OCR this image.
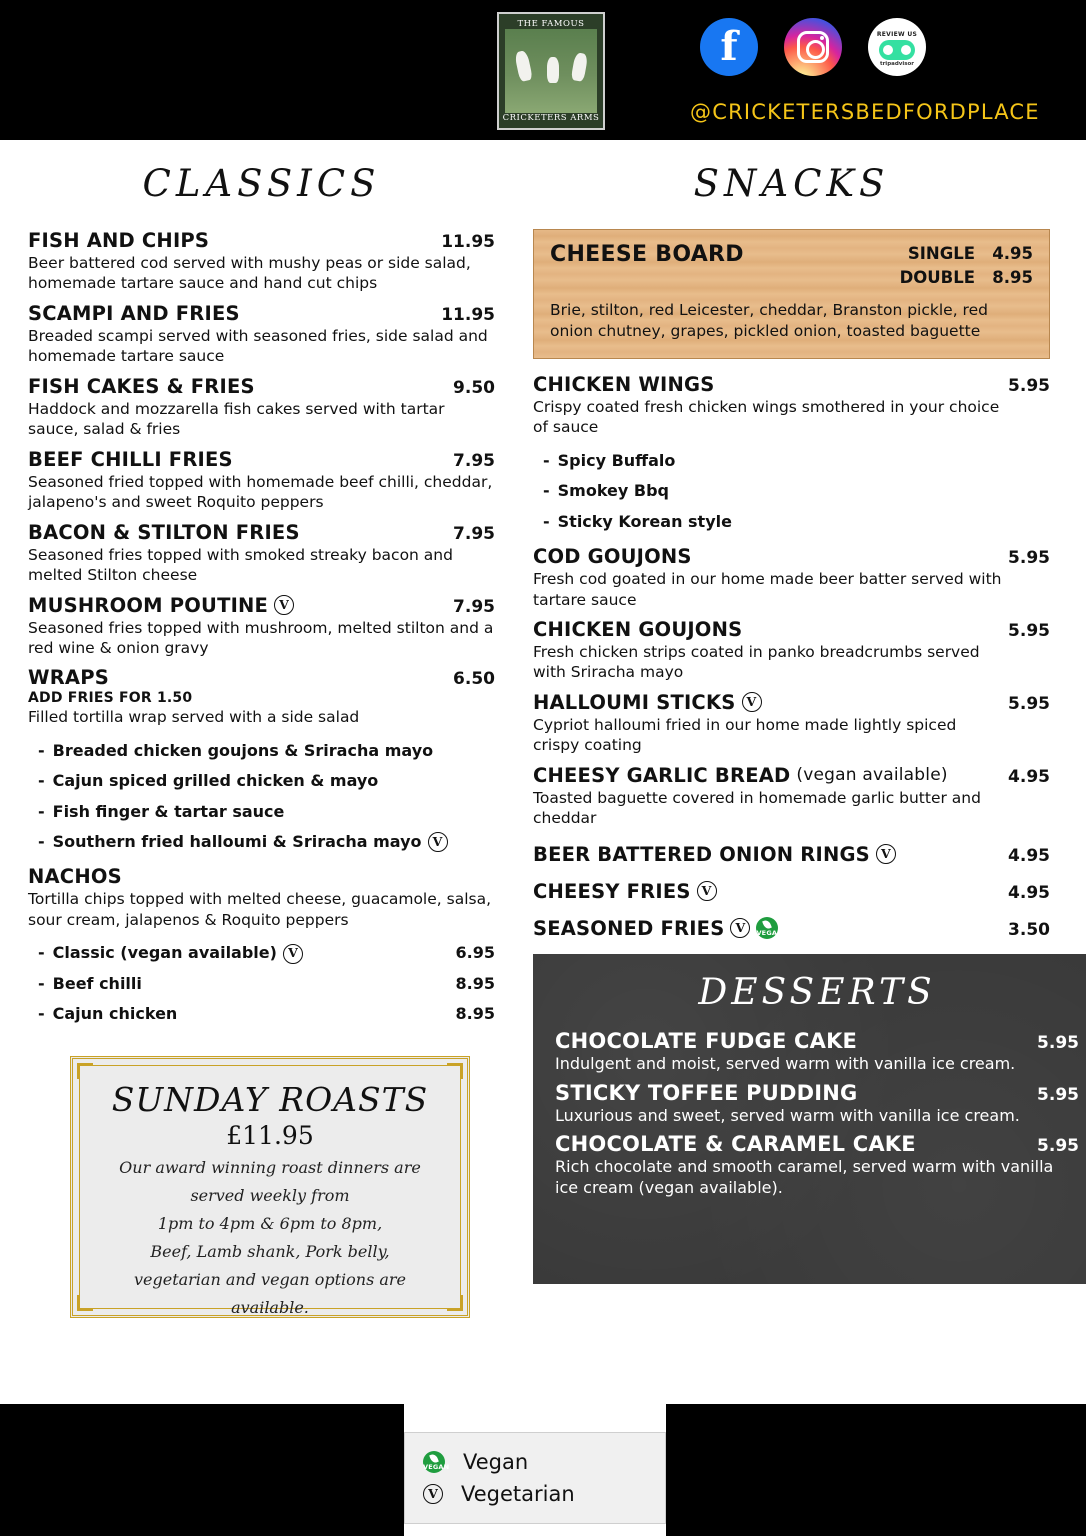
THE FAMOUS
CRICKETERS ARMS
f	REVIEW US
tripadvisor
@CRICKETERSBEDFORDPLACE
CLASSICS
FISH AND CHIPS	11.95
Beer battered cod served with mushy peas or side salad, homemade tartare sauce and hand cut chips
SCAMPI AND FRIES	11.95
Breaded scampi served with seasoned fries, side salad and homemade tartare sauce
FISH CAKES & FRIES	9.50
Haddock and mozzarella fish cakes served with tartar sauce, salad & fries
BEEF CHILLI FRIES	7.95
Seasoned fried topped with homemade beef chilli, cheddar, jalapeno's and sweet Roquito peppers
BACON & STILTON FRIES	7.95
Seasoned fries topped with smoked streaky bacon and melted Stilton cheese
MUSHROOM POUTINE V	7.95
Seasoned fries topped with mushroom, melted stilton and a red wine & onion gravy
WRAPS	6.50
ADD FRIES FOR 1.50
Filled tortilla wrap served with a side salad
- Breaded chicken goujons & Sriracha mayo
- Cajun spiced grilled chicken & mayo
- Fish finger & tartar sauce
- Southern fried halloumi & Sriracha mayo V
NACHOS
Tortilla chips topped with melted cheese, guacamole, salsa, sour cream, jalapenos & Roquito peppers
- Classic (vegan available) V	6.95
- Beef chilli	8.95
- Cajun chicken	8.95
SUNDAY ROASTS
£11.95
Our award winning roast dinners are
served weekly from
1pm to 4pm & 6pm to 8pm,
Beef, Lamb shank, Pork belly,
vegetarian and vegan options are
available.
SNACKS
CHEESE BOARD	SINGLE 4.95
DOUBLE 8.95
Brie, stilton, red Leicester, cheddar, Branston pickle, red onion chutney, grapes, pickled onion, toasted baguette
CHICKEN WINGS	5.95
Crispy coated fresh chicken wings smothered in your choice of sauce
- Spicy Buffalo
- Smokey Bbq
- Sticky Korean style
COD GOUJONS	5.95
Fresh cod goated in our home made beer batter served with tartare sauce
CHICKEN GOUJONS	5.95
Fresh chicken strips coated in panko breadcrumbs served with Sriracha mayo
HALLOUMI STICKS V	5.95
Cypriot halloumi fried in our home made lightly spiced crispy coating
CHEESY GARLIC BREAD (vegan available)	4.95
Toasted baguette covered in homemade garlic butter and cheddar
BEER BATTERED ONION RINGS V	4.95
CHEESY FRIES V	4.95
SEASONED FRIES V	VEGAN	3.50
DESSERTS
CHOCOLATE FUDGE CAKE	5.95
Indulgent and moist, served warm with vanilla ice cream.
STICKY TOFFEE PUDDING	5.95
Luxurious and sweet, served warm with vanilla ice cream.
CHOCOLATE & CARAMEL CAKE	5.95
Rich chocolate and smooth caramel, served warm with vanilla ice cream (vegan available).
VEGAN Vegan
V Vegetarian
